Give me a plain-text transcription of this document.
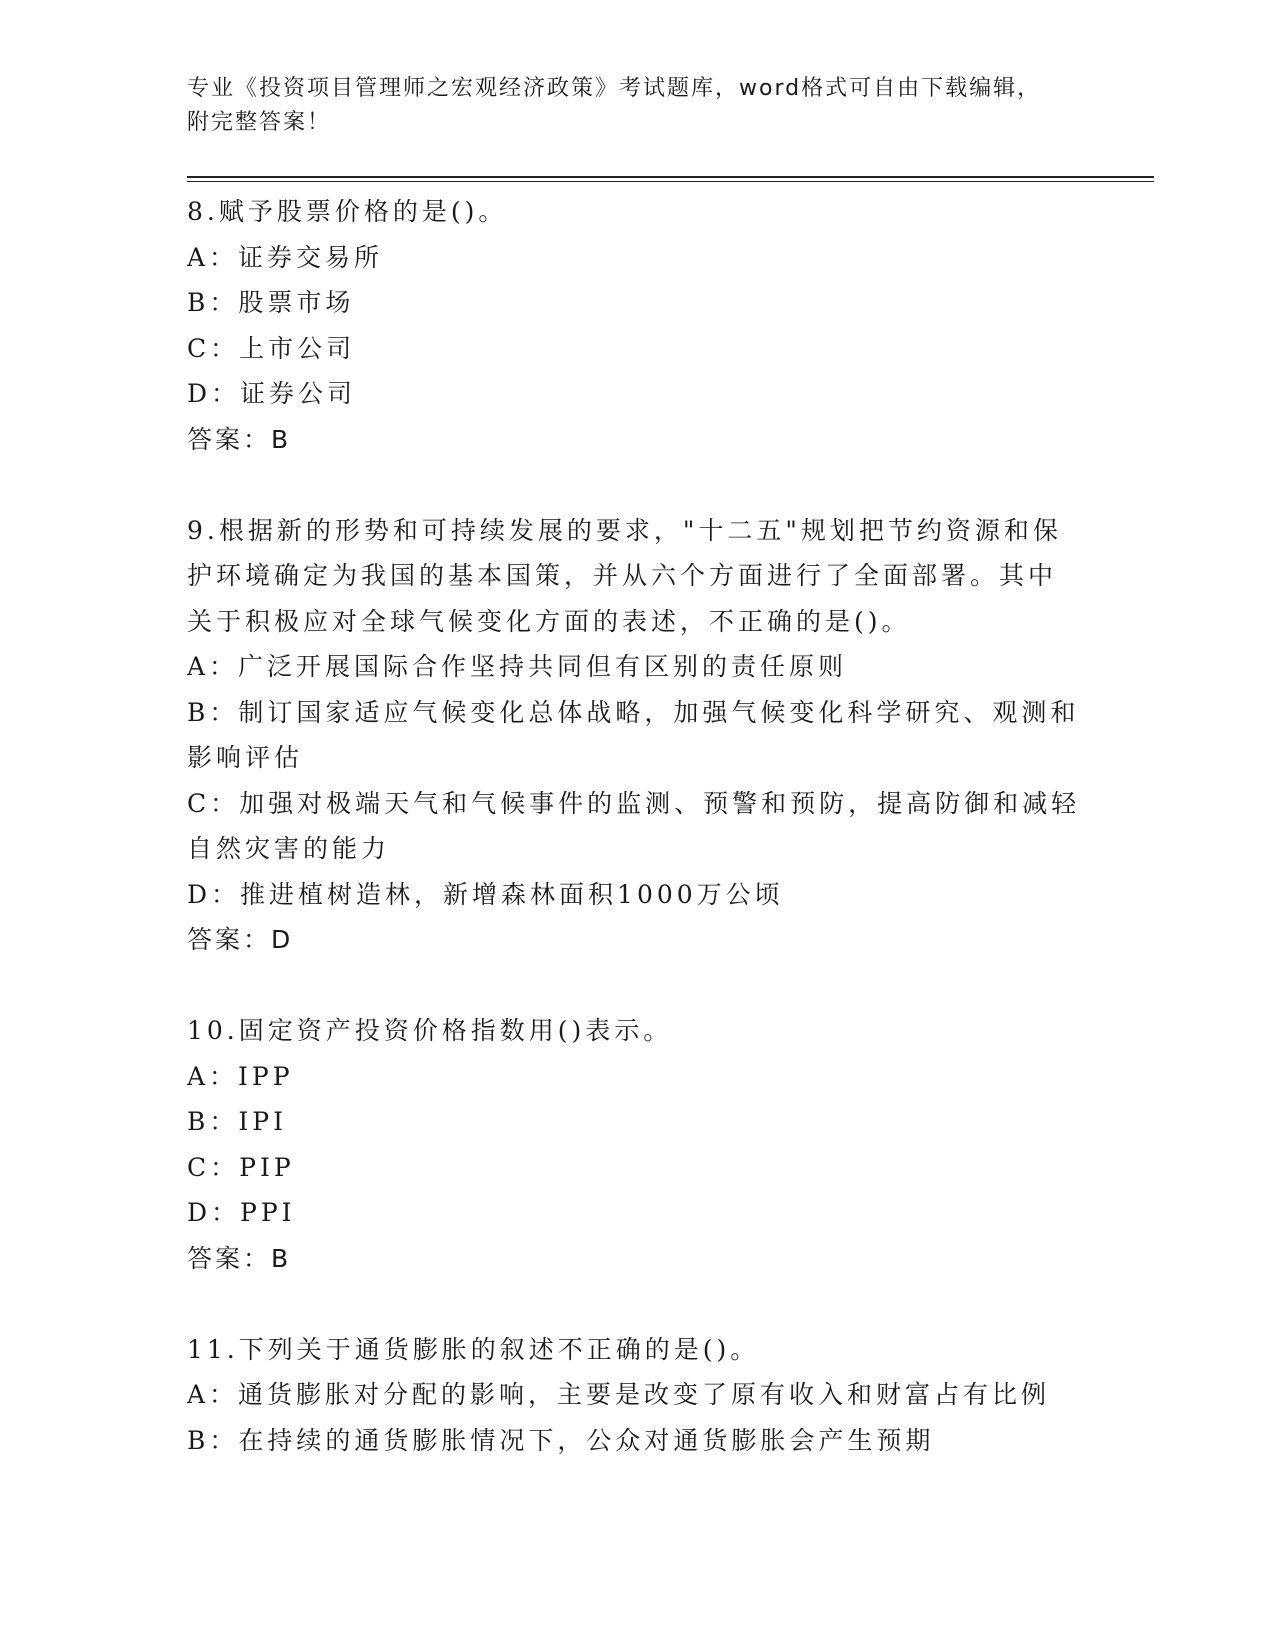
专业《投资项目管理师之宏观经济政策》考试题库，word格式可自由下载编辑，
附完整答案！
8.赋予股票价格的是()。
A：证券交易所
B：股票市场
C：上市公司
D：证券公司
答案：B
9.根据新的形势和可持续发展的要求，"十二五"规划把节约资源和保
护环境确定为我国的基本国策，并从六个方面进行了全面部署。其中
关于积极应对全球气候变化方面的表述，不正确的是()。
A：广泛开展国际合作坚持共同但有区别的责任原则
B：制订国家适应气候变化总体战略，加强气候变化科学研究、观测和
影响评估
C：加强对极端天气和气候事件的监测、预警和预防，提高防御和减轻
自然灾害的能力
D：推进植树造林，新增森林面积1000万公顷
答案：D
10.固定资产投资价格指数用()表示。
A：IPP
B：IPI
C：PIP
D：PPI
答案：B
11.下列关于通货膨胀的叙述不正确的是()。
A：通货膨胀对分配的影响，主要是改变了原有收入和财富占有比例
B：在持续的通货膨胀情况下，公众对通货膨胀会产生预期
